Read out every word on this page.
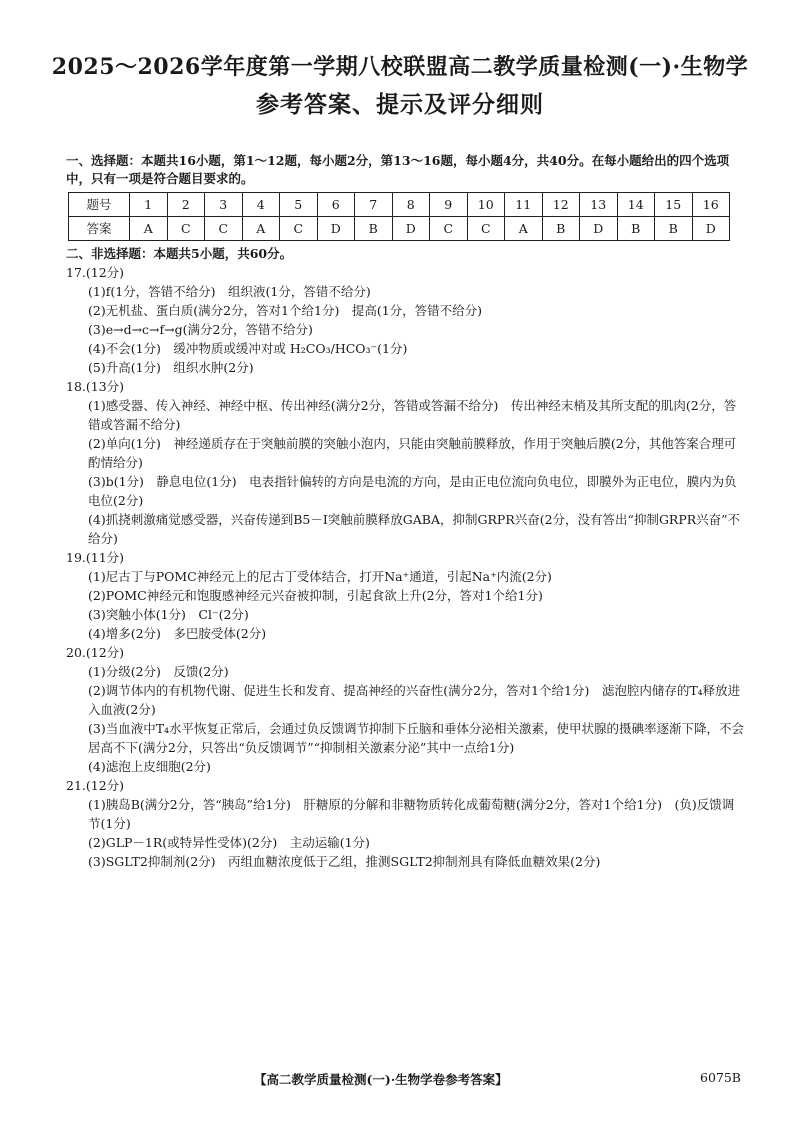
2025～2026学年度第一学期八校联盟高二教学质量检测(一)·生物学
参考答案、提示及评分细则
一、选择题：本题共16小题，第1～12题，每小题2分，第13～16题，每小题4分，共40分。在每小题给出的四个选项中，只有一项是符合题目要求的。
题号	1	2	3	4	5	6	7	8	9	10	11	12	13	14	15	16
答案	A	C	C	A	C	D	B	D	C	C	A	B	D	B	B	D
二、非选择题：本题共5小题，共60分。
17.(12分)
(1)f(1分，答错不给分)　组织液(1分，答错不给分)
(2)无机盐、蛋白质(满分2分，答对1个给1分)　提高(1分，答错不给分)
(3)e→d→c→f→g(满分2分，答错不给分)
(4)不会(1分)　缓冲物质或缓冲对或 H₂CO₃/HCO₃⁻(1分)
(5)升高(1分)　组织水肿(2分)
18.(13分)
(1)感受器、传入神经、神经中枢、传出神经(满分2分，答错或答漏不给分)　传出神经末梢及其所支配的肌肉(2分，答错或答漏不给分)
(2)单向(1分)　神经递质存在于突触前膜的突触小泡内，只能由突触前膜释放，作用于突触后膜(2分，其他答案合理可酌情给分)
(3)b(1分)　静息电位(1分)　电表指针偏转的方向是电流的方向，是由正电位流向负电位，即膜外为正电位，膜内为负电位(2分)
(4)抓挠刺激痛觉感受器，兴奋传递到B5－Ⅰ突触前膜释放GABA，抑制GRPR兴奋(2分，没有答出“抑制GRPR兴奋”不给分)
19.(11分)
(1)尼古丁与POMC神经元上的尼古丁受体结合，打开Na⁺通道，引起Na⁺内流(2分)
(2)POMC神经元和饱腹感神经元兴奋被抑制，引起食欲上升(2分，答对1个给1分)
(3)突触小体(1分)　Cl⁻(2分)
(4)增多(2分)　多巴胺受体(2分)
20.(12分)
(1)分级(2分)　反馈(2分)
(2)调节体内的有机物代谢、促进生长和发育、提高神经的兴奋性(满分2分，答对1个给1分)　滤泡腔内储存的T₄释放进入血液(2分)
(3)当血液中T₄水平恢复正常后，会通过负反馈调节抑制下丘脑和垂体分泌相关激素，使甲状腺的摄碘率逐渐下降，不会居高不下(满分2分，只答出“负反馈调节”“抑制相关激素分泌”其中一点给1分)
(4)滤泡上皮细胞(2分)
21.(12分)
(1)胰岛B(满分2分，答“胰岛”给1分)　肝糖原的分解和非糖物质转化成葡萄糖(满分2分，答对1个给1分)　(负)反馈调节(1分)
(2)GLP－1R(或特异性受体)(2分)　主动运输(1分)
(3)SGLT2抑制剂(2分)　丙组血糖浓度低于乙组，推测SGLT2抑制剂具有降低血糖效果(2分)
【高二教学质量检测(一)·生物学卷参考答案】	6075B
